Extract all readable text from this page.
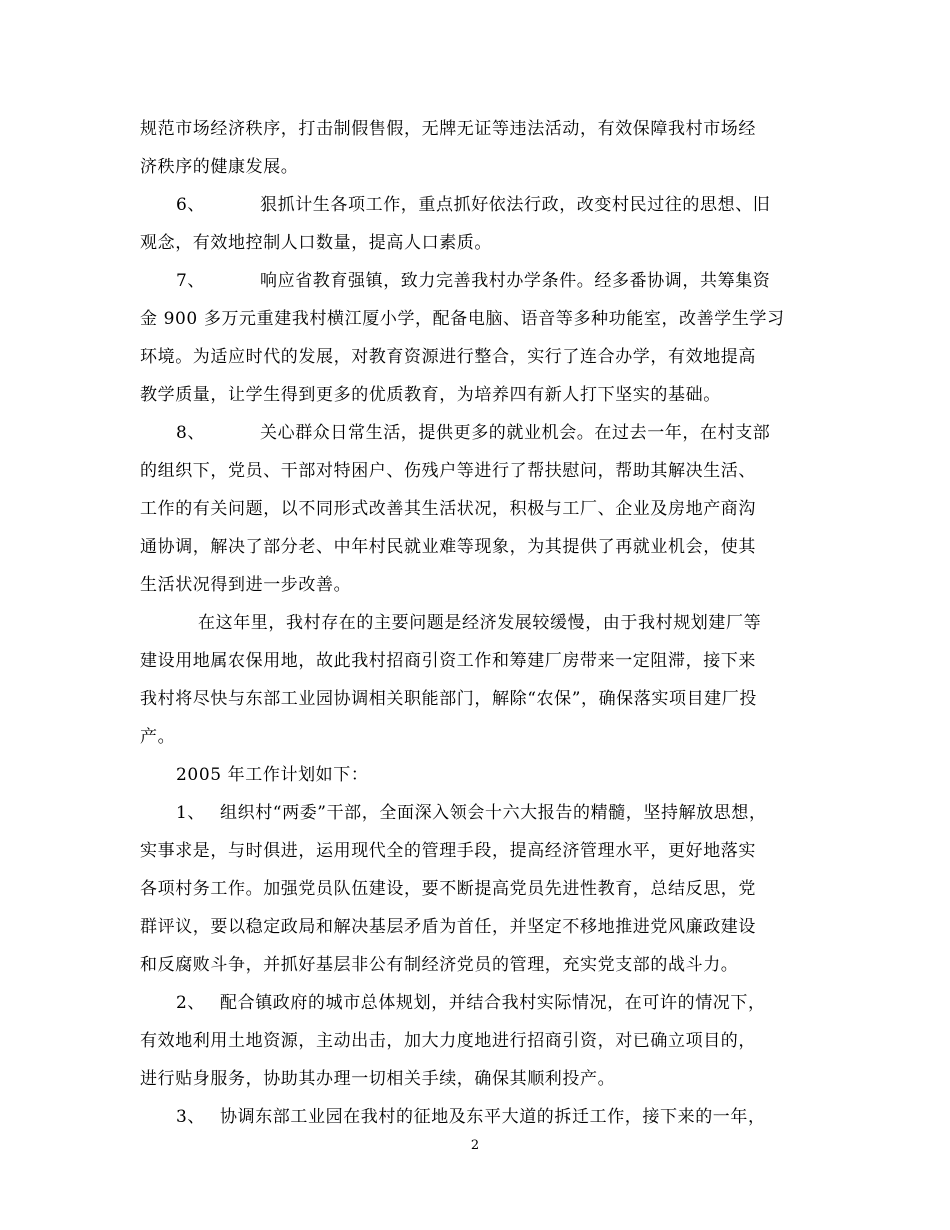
规范市场经济秩序，打击制假售假，无牌无证等违法活动，有效保障我村市场经
济秩序的健康发展。
6、	狠抓计生各项工作，重点抓好依法行政，改变村民过往的思想、旧
观念，有效地控制人口数量，提高人口素质。
7、	响应省教育强镇，致力完善我村办学条件。经多番协调，共筹集资
金 900 多万元重建我村横江厦小学，配备电脑、语音等多种功能室，改善学生学习
环境。为适应时代的发展，对教育资源进行整合，实行了连合办学，有效地提高
教学质量，让学生得到更多的优质教育，为培养四有新人打下坚实的基础。
8、	关心群众日常生活，提供更多的就业机会。在过去一年，在村支部
的组织下，党员、干部对特困户、伤残户等进行了帮扶慰问，帮助其解决生活、
工作的有关问题，以不同形式改善其生活状况，积极与工厂、企业及房地产商沟
通协调，解决了部分老、中年村民就业难等现象，为其提供了再就业机会，使其
生活状况得到进一步改善。
在这年里，我村存在的主要问题是经济发展较缓慢，由于我村规划建厂等
建设用地属农保用地，故此我村招商引资工作和筹建厂房带来一定阻滞，接下来
我村将尽快与东部工业园协调相关职能部门，解除“农保”，确保落实项目建厂投
产。
2005 年工作计划如下：
1、 组织村“两委”干部，全面深入领会十六大报告的精髓，坚持解放思想，
实事求是，与时俱进，运用现代全的管理手段，提高经济管理水平，更好地落实
各项村务工作。加强党员队伍建设，要不断提高党员先进性教育，总结反思，党
群评议，要以稳定政局和解决基层矛盾为首任，并坚定不移地推进党风廉政建设
和反腐败斗争，并抓好基层非公有制经济党员的管理，充实党支部的战斗力。
2、 配合镇政府的城市总体规划，并结合我村实际情况，在可许的情况下，
有效地利用土地资源，主动出击，加大力度地进行招商引资，对已确立项目的，
进行贴身服务，协助其办理一切相关手续，确保其顺利投产。
3、 协调东部工业园在我村的征地及东平大道的拆迁工作，接下来的一年，
2
